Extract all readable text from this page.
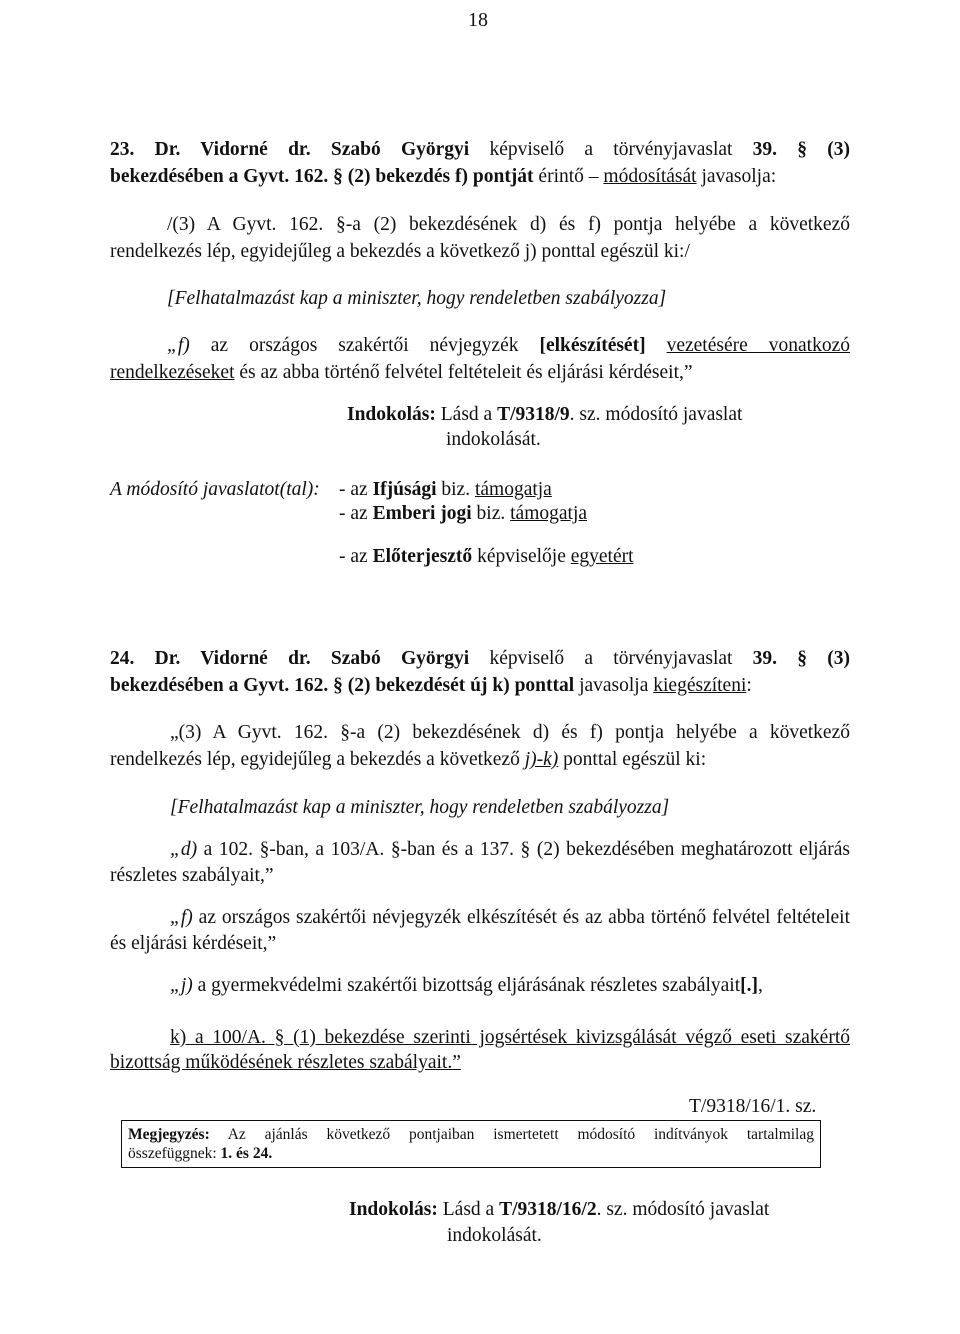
18
23. Dr. Vidorné dr. Szabó Györgyi képviselő a törvényjavaslat 39. § (3)
bekezdésében a Gyvt. 162. § (2) bekezdés f) pontját érintő – módosítását javasolja:
/(3) A Gyvt. 162. §-a (2) bekezdésének d) és f) pontja helyébe a következő
rendelkezés lép, egyidejűleg a bekezdés a következő j) ponttal egészül ki:/
[Felhatalmazást kap a miniszter, hogy rendeletben szabályozza]
„f) az országos szakértői névjegyzék [elkészítését] vezetésére vonatkozó
rendelkezéseket és az abba történő felvétel feltételeit és eljárási kérdéseit,”
Indokolás: Lásd a T/9318/9. sz. módosító javaslat
indokolását.
A módosító javaslatot(tal): - az Ifjúsági biz. támogatja
- az Emberi jogi biz. támogatja
- az Előterjesztő képviselője egyetért
24. Dr. Vidorné dr. Szabó Györgyi képviselő a törvényjavaslat 39. § (3)
bekezdésében a Gyvt. 162. § (2) bekezdését új k) ponttal javasolja kiegészíteni:
„(3) A Gyvt. 162. §-a (2) bekezdésének d) és f) pontja helyébe a következő
rendelkezés lép, egyidejűleg a bekezdés a következő j)-k) ponttal egészül ki:
[Felhatalmazást kap a miniszter, hogy rendeletben szabályozza]
„d) a 102. §-ban, a 103/A. §-ban és a 137. § (2) bekezdésében meghatározott eljárás
részletes szabályait,”
„f) az országos szakértői névjegyzék elkészítését és az abba történő felvétel feltételeit
és eljárási kérdéseit,”
„j) a gyermekvédelmi szakértői bizottság eljárásának részletes szabályait[.],
k) a 100/A. § (1) bekezdése szerinti jogsértések kivizsgálását végző eseti szakértő
bizottság működésének részletes szabályait.”
T/9318/16/1. sz.
Megjegyzés: Az ajánlás következő pontjaiban ismertetett módosító indítványok tartalmilag
összefüggnek: 1. és 24.
Indokolás: Lásd a T/9318/16/2. sz. módosító javaslat
indokolását.
